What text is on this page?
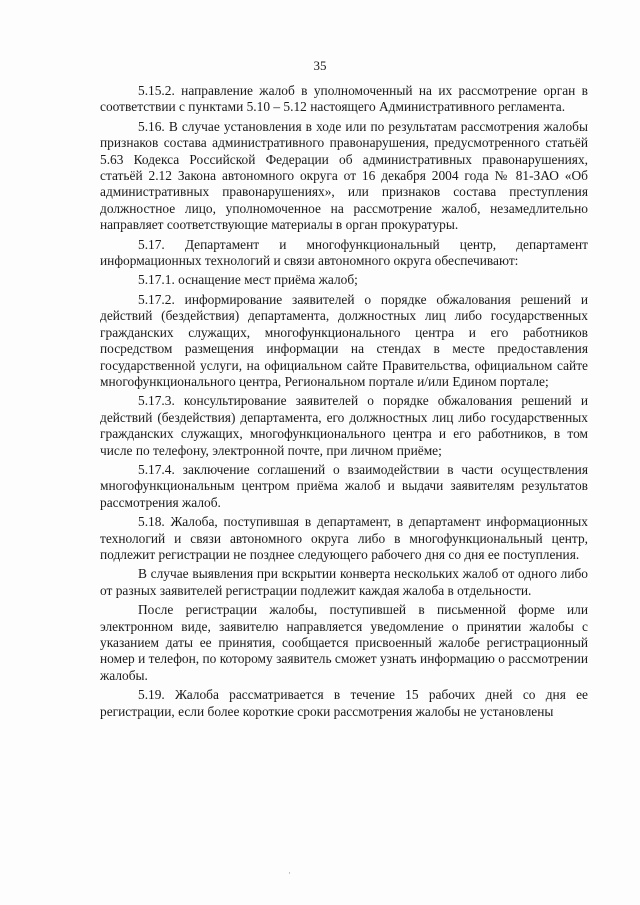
35

5.15.2. направление жалоб в уполномоченный на их рассмотрение орган в соответствии с пунктами 5.10 – 5.12 настоящего Административного регламента.

5.16. В случае установления в ходе или по результатам рассмотрения жалобы признаков состава административного правонарушения, предусмотренного статьёй 5.63 Кодекса Российской Федерации об административных правонарушениях, статьёй 2.12 Закона автономного округа от 16 декабря 2004 года № 81-ЗАО «Об административных правонарушениях», или признаков состава преступления должностное лицо, уполномоченное на рассмотрение жалоб, незамедлительно направляет соответствующие материалы в орган прокуратуры.

5.17. Департамент и многофункциональный центр, департамент информационных технологий и связи автономного округа обеспечивают:

5.17.1. оснащение мест приёма жалоб;

5.17.2. информирование заявителей о порядке обжалования решений и действий (бездействия) департамента, должностных лиц либо государственных гражданских служащих, многофункционального центра и его работников посредством размещения информации на стендах в месте предоставления государственной услуги, на официальном сайте Правительства, официальном сайте многофункционального центра, Региональном портале и/или Едином портале;

5.17.3. консультирование заявителей о порядке обжалования решений и действий (бездействия) департамента, его должностных лиц либо государственных гражданских служащих, многофункционального центра и его работников, в том числе по телефону, электронной почте, при личном приёме;

5.17.4. заключение соглашений о взаимодействии в части осуществления многофункциональным центром приёма жалоб и выдачи заявителям результатов рассмотрения жалоб.

5.18. Жалоба, поступившая в департамент, в департамент информационных технологий и связи автономного округа либо в многофункциональный центр, подлежит регистрации не позднее следующего рабочего дня со дня ее поступления.

В случае выявления при вскрытии конверта нескольких жалоб от одного либо от разных заявителей регистрации подлежит каждая жалоба в отдельности.

После регистрации жалобы, поступившей в письменной форме или электронном виде, заявителю направляется уведомление о принятии жалобы с указанием даты ее принятия, сообщается присвоенный жалобе регистрационный номер и телефон, по которому заявитель сможет узнать информацию о рассмотрении жалобы.

5.19. Жалоба рассматривается в течение 15 рабочих дней со дня ее регистрации, если более короткие сроки рассмотрения жалобы не установлены

·
